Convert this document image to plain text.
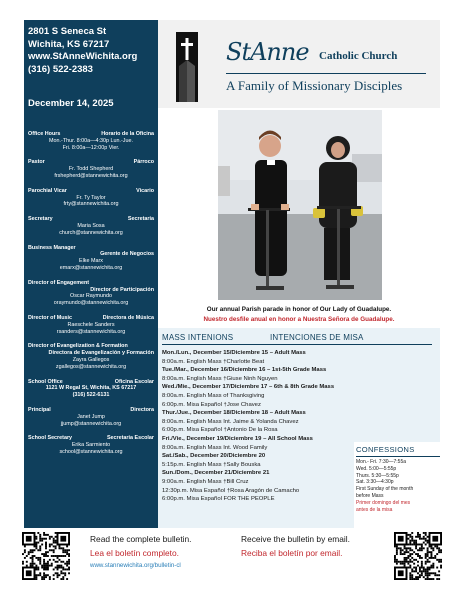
2801 S Seneca St
Wichita, KS 67217
www.StAnneWichita.org
(316) 522-2383
December 14, 2025
Office Hours	Horario de la Oficina
Mon.-Thur. 8:00a—4:30p Lun.-Jue.
Fri. 8:00a—12:00p Vier.
Pastor	Párroco
Fr. Todd Shepherd
frshepherd@stannewichita.org
Parochial Vicar	Vicario
Fr. Ty Taylor
frty@stannewichita.org
Secretary	Secretaria
Maria Sosa
church@stannewichita.org
Business Manager
Gerente de Negocios
Elke Marx
emarx@stannewichita.org
Director of Engagement
Director de Participación
Oscar Raymundo
oraymundo@stannewichita.org
Director of Music	Directora de Música
Raeschele Sanders
rsanders@stannewichita.org
Director of Evangelization & Formation
Directora de Evangelización y Formación
Zayra Gallegos
zgallegos@stannewichita.org
School Office	Oficina Escolar
1121 W Regal St, Wichita, KS 67217
(316) 522-6131
Principal	Directora
Janet Jump
jjump@stannewichita.org
School Secretary	Secretaria Escolar
Erika Sarmiento
school@stannewichita.org
StAnne Catholic Church
A Family of Missionary Disciples
Our annual Parish parade in honor of Our Lady of Guadalupe.
Nuestro desfile anual en honor a Nuestra Señora de Guadalupe.
MASS INTENIONS	INTENCIONES DE MISA
Mon./Lun., December 15/Diciembre 15 – Adult Mass
8:00a.m. English Mass †Charlotte Beat
Tue./Mar., December 16/Diciembre 16 – 1st-5th Grade Mass
8:00a.m. English Mass †Giuse Ninh Nguyen
Wed./Mie., December 17/Diciembre 17 – 6th & 8th Grade Mass
8:00a.m. English Mass of Thanksgiving
6:00p.m. Misa Español †Jose Chavez
Thur./Jue., December 18/Diciembre 18 – Adult Mass
8:00a.m. English Mass Int. Jaime & Yolanda Chavez
6:00p.m. Misa Español †Antonio De la Rosa
Fri./Vie., December 19/Diciembre 19 – All School Mass
8:00a.m. English Mass Int. Wood Family
Sat./Sab., December 20/Diciembre 20
5:15p.m. English Mass †Sally Bouska
Sun./Dom., December 21/Diciembre 21
9:00a.m. English Mass †Bill Cruz
12:30p.m. Misa Español †Rosa Aragón de Camacho
6:00p.m. Misa Español FOR THE PEOPLE
CONFESSIONS
Mon.- Fri. 7:30—7:55a
Wed. 5:00—5:55p
Thurs. 5:30—5:55p
Sat. 3:30—4:30p
First Sunday of the month
before Mass
Primer domingo del mes
antes de la misa
Read the complete bulletin.
Lea el boletín completo.
www.stannewichita.org/bulletin-cl
Receive the bulletin by email.
Reciba el boletín por email.
